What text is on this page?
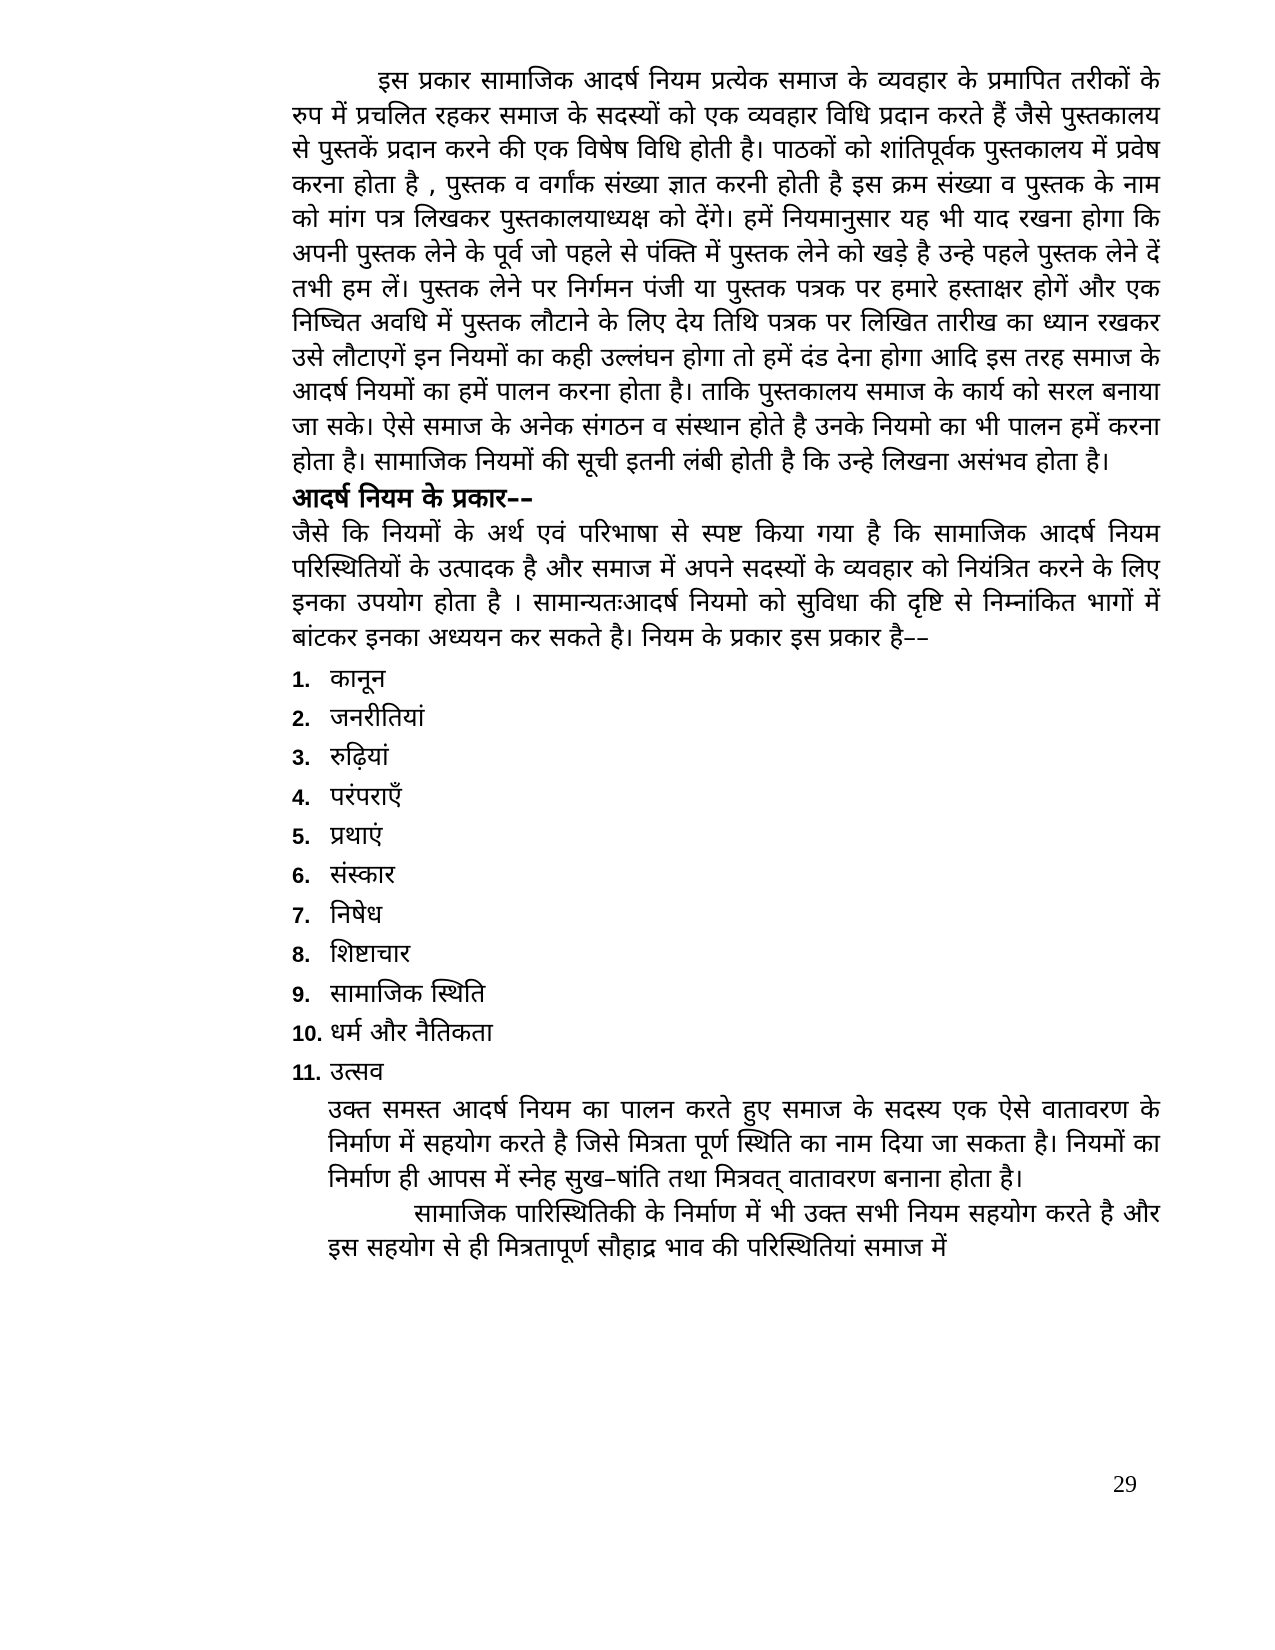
इस प्रकार सामाजिक आदर्ष नियम प्रत्येक समाज के व्यवहार के प्रमापित तरीकों के रुप में प्रचलित रहकर समाज के सदस्यों को एक व्यवहार विधि प्रदान करते हैं जैसे पुस्तकालय से पुस्तकें प्रदान करने की एक विषेष विधि होती है। पाठकों को शांतिपूर्वक पुस्तकालय में प्रवेष करना होता है , पुस्तक व वर्गांक संख्या ज्ञात करनी होती है इस क्रम संख्या व पुस्तक के नाम को मांग पत्र लिखकर पुस्तकालयाध्यक्ष को देंगे। हमें नियमानुसार यह भी याद रखना होगा कि अपनी पुस्तक लेने के पूर्व जो पहले से पंक्ति में पुस्तक लेने को खड़े है उन्हे पहले पुस्तक लेने दें तभी हम लें। पुस्तक लेने पर निर्गमन पंजी या पुस्तक पत्रक पर हमारे हस्ताक्षर होगें और एक निष्चित अवधि में पुस्तक लौटाने के लिए देय तिथि पत्रक पर लिखित तारीख का ध्यान रखकर उसे लौटाएगें इन नियमों का कही उल्लंघन होगा तो हमें दंड देना होगा आदि इस तरह समाज के आदर्ष नियमों का हमें पालन करना होता है। ताकि पुस्तकालय समाज के कार्य को सरल बनाया जा सके। ऐसे समाज के अनेक संगठन व संस्थान होते है उनके नियमो का भी पालन हमें करना होता है। सामाजिक नियमों की सूची इतनी लंबी होती है कि उन्हे लिखना असंभव होता है।

आदर्ष नियम के प्रकार––

जैसे कि नियमों के अर्थ एवं परिभाषा से स्पष्ट किया गया है कि सामाजिक आदर्ष नियम परिस्थितियों के उत्पादक है और समाज में अपने सदस्यों के व्यवहार को नियंत्रित करने के लिए इनका उपयोग होता है । सामान्यतःआदर्ष नियमो को सुविधा की दृष्टि से निम्नांकित भागों में बांटकर इनका अध्ययन कर सकते है। नियम के प्रकार इस प्रकार है––

1. कानून
2. जनरीतियां
3. रुढ़ियां
4. परंपराएँ
5. प्रथाएं
6. संस्कार
7. निषेध
8. शिष्टाचार
9. सामाजिक स्थिति
10. धर्म और नैतिकता
11. उत्सव

उक्त समस्त आदर्ष नियम का पालन करते हुए समाज के सदस्य एक ऐसे वातावरण के निर्माण में सहयोग करते है जिसे मित्रता पूर्ण स्थिति का नाम दिया जा सकता है। नियमों का निर्माण ही आपस में स्नेह सुख–षांति तथा मित्रवत् वातावरण बनाना होता है।

सामाजिक पारिस्थितिकी के निर्माण में भी उक्त सभी नियम सहयोग करते है और इस सहयोग से ही मित्रतापूर्ण सौहाद्र भाव की परिस्थितियां समाज में

29
